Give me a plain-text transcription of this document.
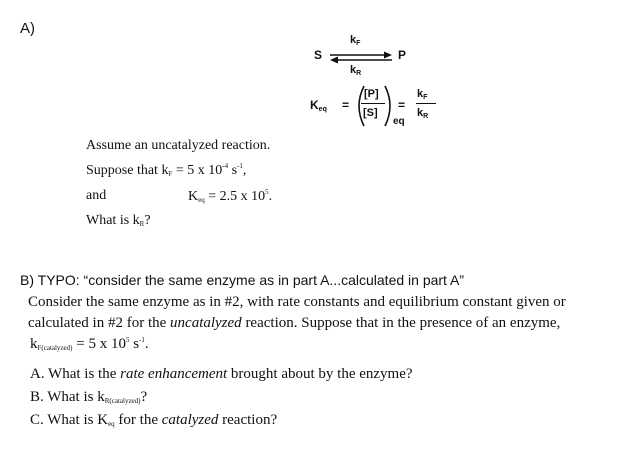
A)
S	P
$k_F$
$k_R$
$K_{eq}$ =
[P]
[S]
eq
=
$k_F$
$k_R$
Assume an uncatalyzed reaction.
Suppose that $k_F = 5$ x $10^{-4}$ $s^{-1}$,
and	$K_{eq} = 2.5$ x $10^5$.
What is $k_R$?
B) TYPO: “consider the same enzyme as in part A...calculated in part A”
Consider the same enzyme as in #2, with rate constants and equilibrium constant given or
calculated in #2 for the uncatalyzed reaction. Suppose that in the presence of an enzyme,
$k_{F(catalyzed)} = 5$ x $10^5$ $s^{-1}$.
A. What is the rate enhancement brought about by the enzyme?
B. What is $k_{R(catalyzed)}$?
C. What is $K_{eq}$ for the catalyzed reaction?
